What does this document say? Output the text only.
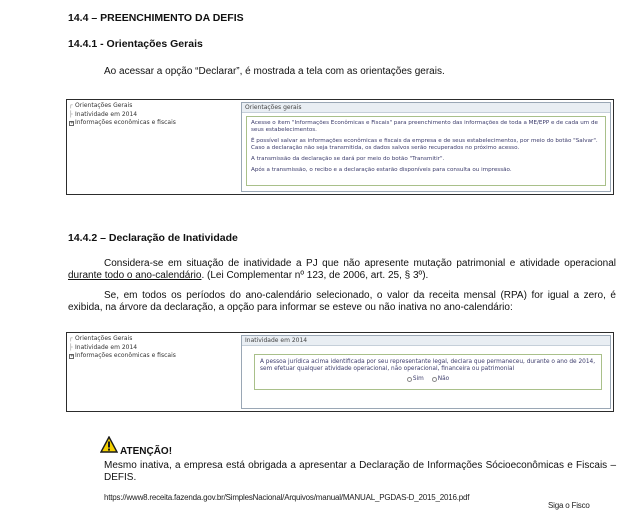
14.4 – PREENCHIMENTO DA DEFIS
14.4.1 - Orientações Gerais
Ao acessar a opção “Declarar”, é mostrada a tela com as orientações gerais.
┌ Orientações Gerais
├ Inatividade em 2014
+ Informações econômicas e fiscais
Orientações gerais

Acesse o item "Informações Econômicas e Fiscais" para preenchimento das informações de toda a ME/EPP e de cada um de seus estabelecimentos.

É possível salvar as informações econômicas e fiscais da empresa e de seus estabelecimentos, por meio do botão "Salvar". Caso a declaração não seja transmitida, os dados salvos serão recuperados no próximo acesso.

A transmissão da declaração se dará por meio do botão "Transmitir".

Após a transmissão, o recibo e a declaração estarão disponíveis para consulta ou impressão.

14.4.2 – Declaração de Inatividade
Considera-se em situação de inatividade a PJ que não apresente mutação patrimonial e atividade operacional durante todo o ano-calendário. (Lei Complementar nº 123, de 2006, art. 25, § 3º).
Se, em todos os períodos do ano-calendário selecionado, o valor da receita mensal (RPA) for igual a zero, é exibida, na árvore da declaração, a opção para informar se esteve ou não inativa no ano-calendário:
┌ Orientações Gerais
├ Inatividade em 2014
+ Informações econômicas e fiscais
Inatividade em 2014
A pessoa jurídica acima identificada por seu representante legal, declara que permaneceu, durante o ano de 2014, sem efetuar qualquer atividade operacional, não operacional, financeira ou patrimonial
Sim Não
ATENÇÃO!
Mesmo inativa, a empresa está obrigada a apresentar a Declaração de Informações Sócioeconômicas e Fiscais – DEFIS.
https://www8.receita.fazenda.gov.br/SimplesNacional/Arquivos/manual/MANUAL_PGDAS-D_2015_2016.pdf
Siga o Fisco
